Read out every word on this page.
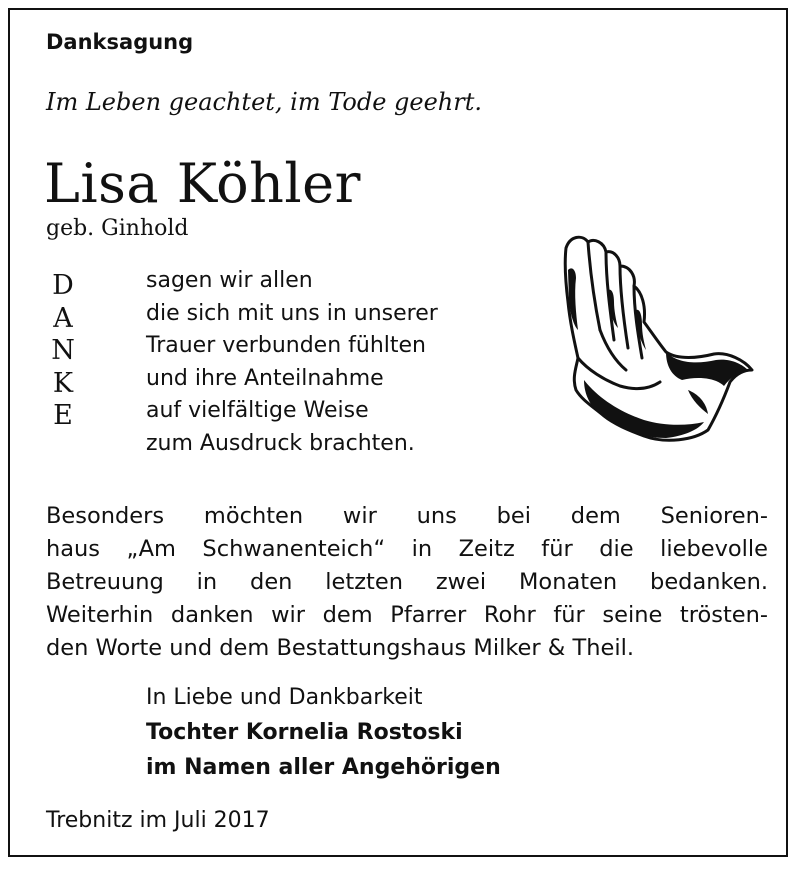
Danksagung
Im Leben geachtet, im Tode geehrt.
Lisa Köhler
geb. Ginhold
D
A
N
K
E
sagen wir allen
die sich mit uns in unserer
Trauer verbunden fühlten
und ihre Anteilnahme
auf vielfältige Weise
zum Ausdruck brachten.
Besonders möchten wir uns bei dem Senioren-
haus „Am Schwanenteich“ in Zeitz für die liebevolle
Betreuung in den letzten zwei Monaten bedanken.
Weiterhin danken wir dem Pfarrer Rohr für seine trösten-
den Worte und dem Bestattungshaus Milker & Theil.
In Liebe und Dankbarkeit
Tochter Kornelia Rostoski
im Namen aller Angehörigen
Trebnitz im Juli 2017
